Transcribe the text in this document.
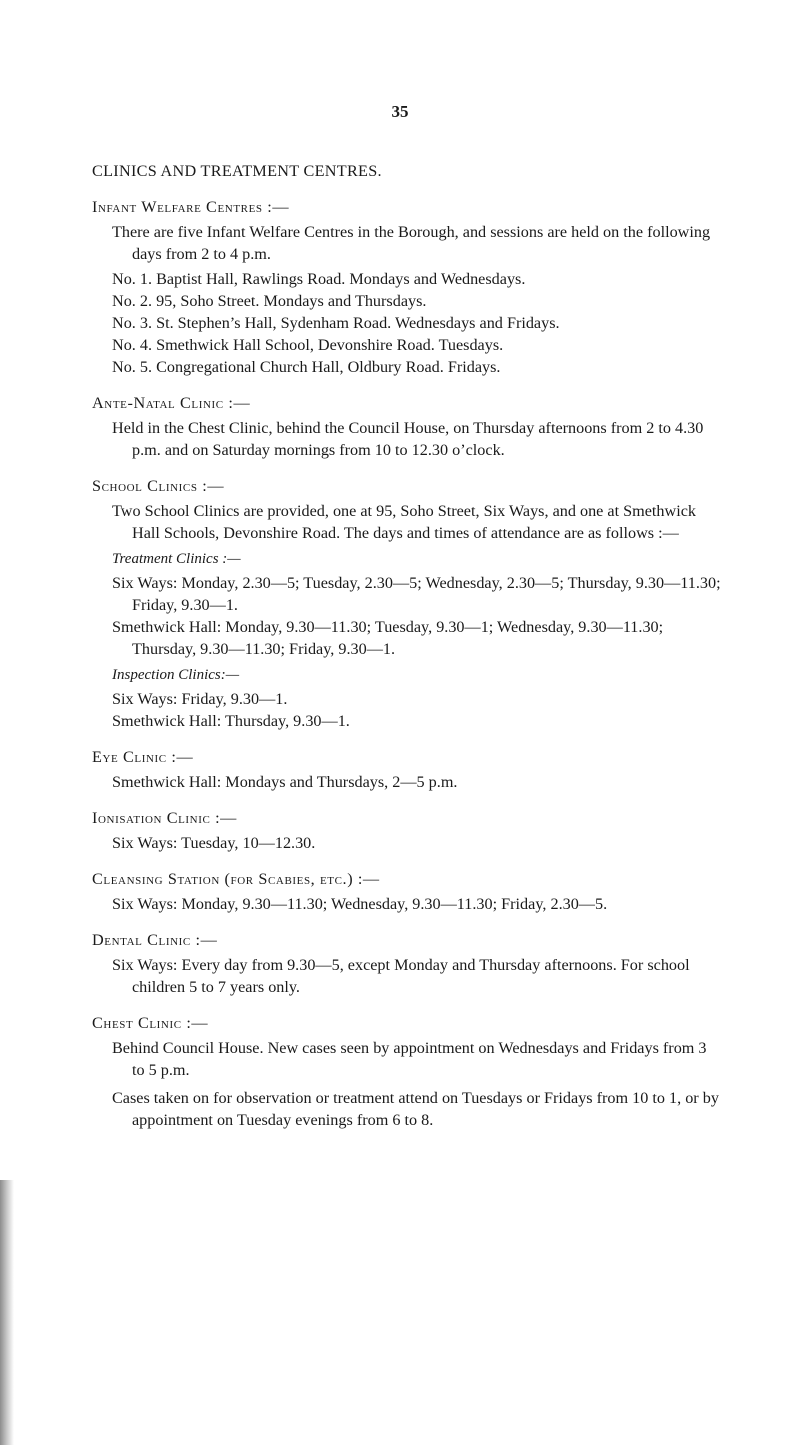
35
CLINICS AND TREATMENT CENTRES.
Infant Welfare Centres :—

There are five Infant Welfare Centres in the Borough, and sessions are held on the following days from 2 to 4 p.m.

No. 1. Baptist Hall, Rawlings Road. Mondays and Wednesdays.
No. 2. 95, Soho Street. Mondays and Thursdays.
No. 3. St. Stephen’s Hall, Sydenham Road. Wednesdays and Fridays.
No. 4. Smethwick Hall School, Devonshire Road. Tuesdays.
No. 5. Congregational Church Hall, Oldbury Road. Fridays.
Ante-Natal Clinic :—

Held in the Chest Clinic, behind the Council House, on Thursday afternoons from 2 to 4.30 p.m. and on Saturday mornings from 10 to 12.30 o’clock.

School Clinics :—

Two School Clinics are provided, one at 95, Soho Street, Six Ways, and one at Smethwick Hall Schools, Devonshire Road. The days and times of attendance are as follows :—

Treatment Clinics :—

Six Ways: Monday, 2.30—5; Tuesday, 2.30—5; Wednesday, 2.30—5; Thursday, 9.30—11.30; Friday, 9.30—1.

Smethwick Hall: Monday, 9.30—11.30; Tuesday, 9.30—1; Wednesday, 9.30—11.30; Thursday, 9.30—11.30; Friday, 9.30—1.

Inspection Clinics:—

Six Ways: Friday, 9.30—1.

Smethwick Hall: Thursday, 9.30—1.

Eye Clinic :—

Smethwick Hall: Mondays and Thursdays, 2—5 p.m.

Ionisation Clinic :—

Six Ways: Tuesday, 10—12.30.

Cleansing Station (for Scabies, etc.) :—

Six Ways: Monday, 9.30—11.30; Wednesday, 9.30—11.30; Friday, 2.30—5.

Dental Clinic :—

Six Ways: Every day from 9.30—5, except Monday and Thursday afternoons. For school children 5 to 7 years only.

Chest Clinic :—

Behind Council House. New cases seen by appointment on Wednesdays and Fridays from 3 to 5 p.m.

Cases taken on for observation or treatment attend on Tuesdays or Fridays from 10 to 1, or by appointment on Tuesday evenings from 6 to 8.
